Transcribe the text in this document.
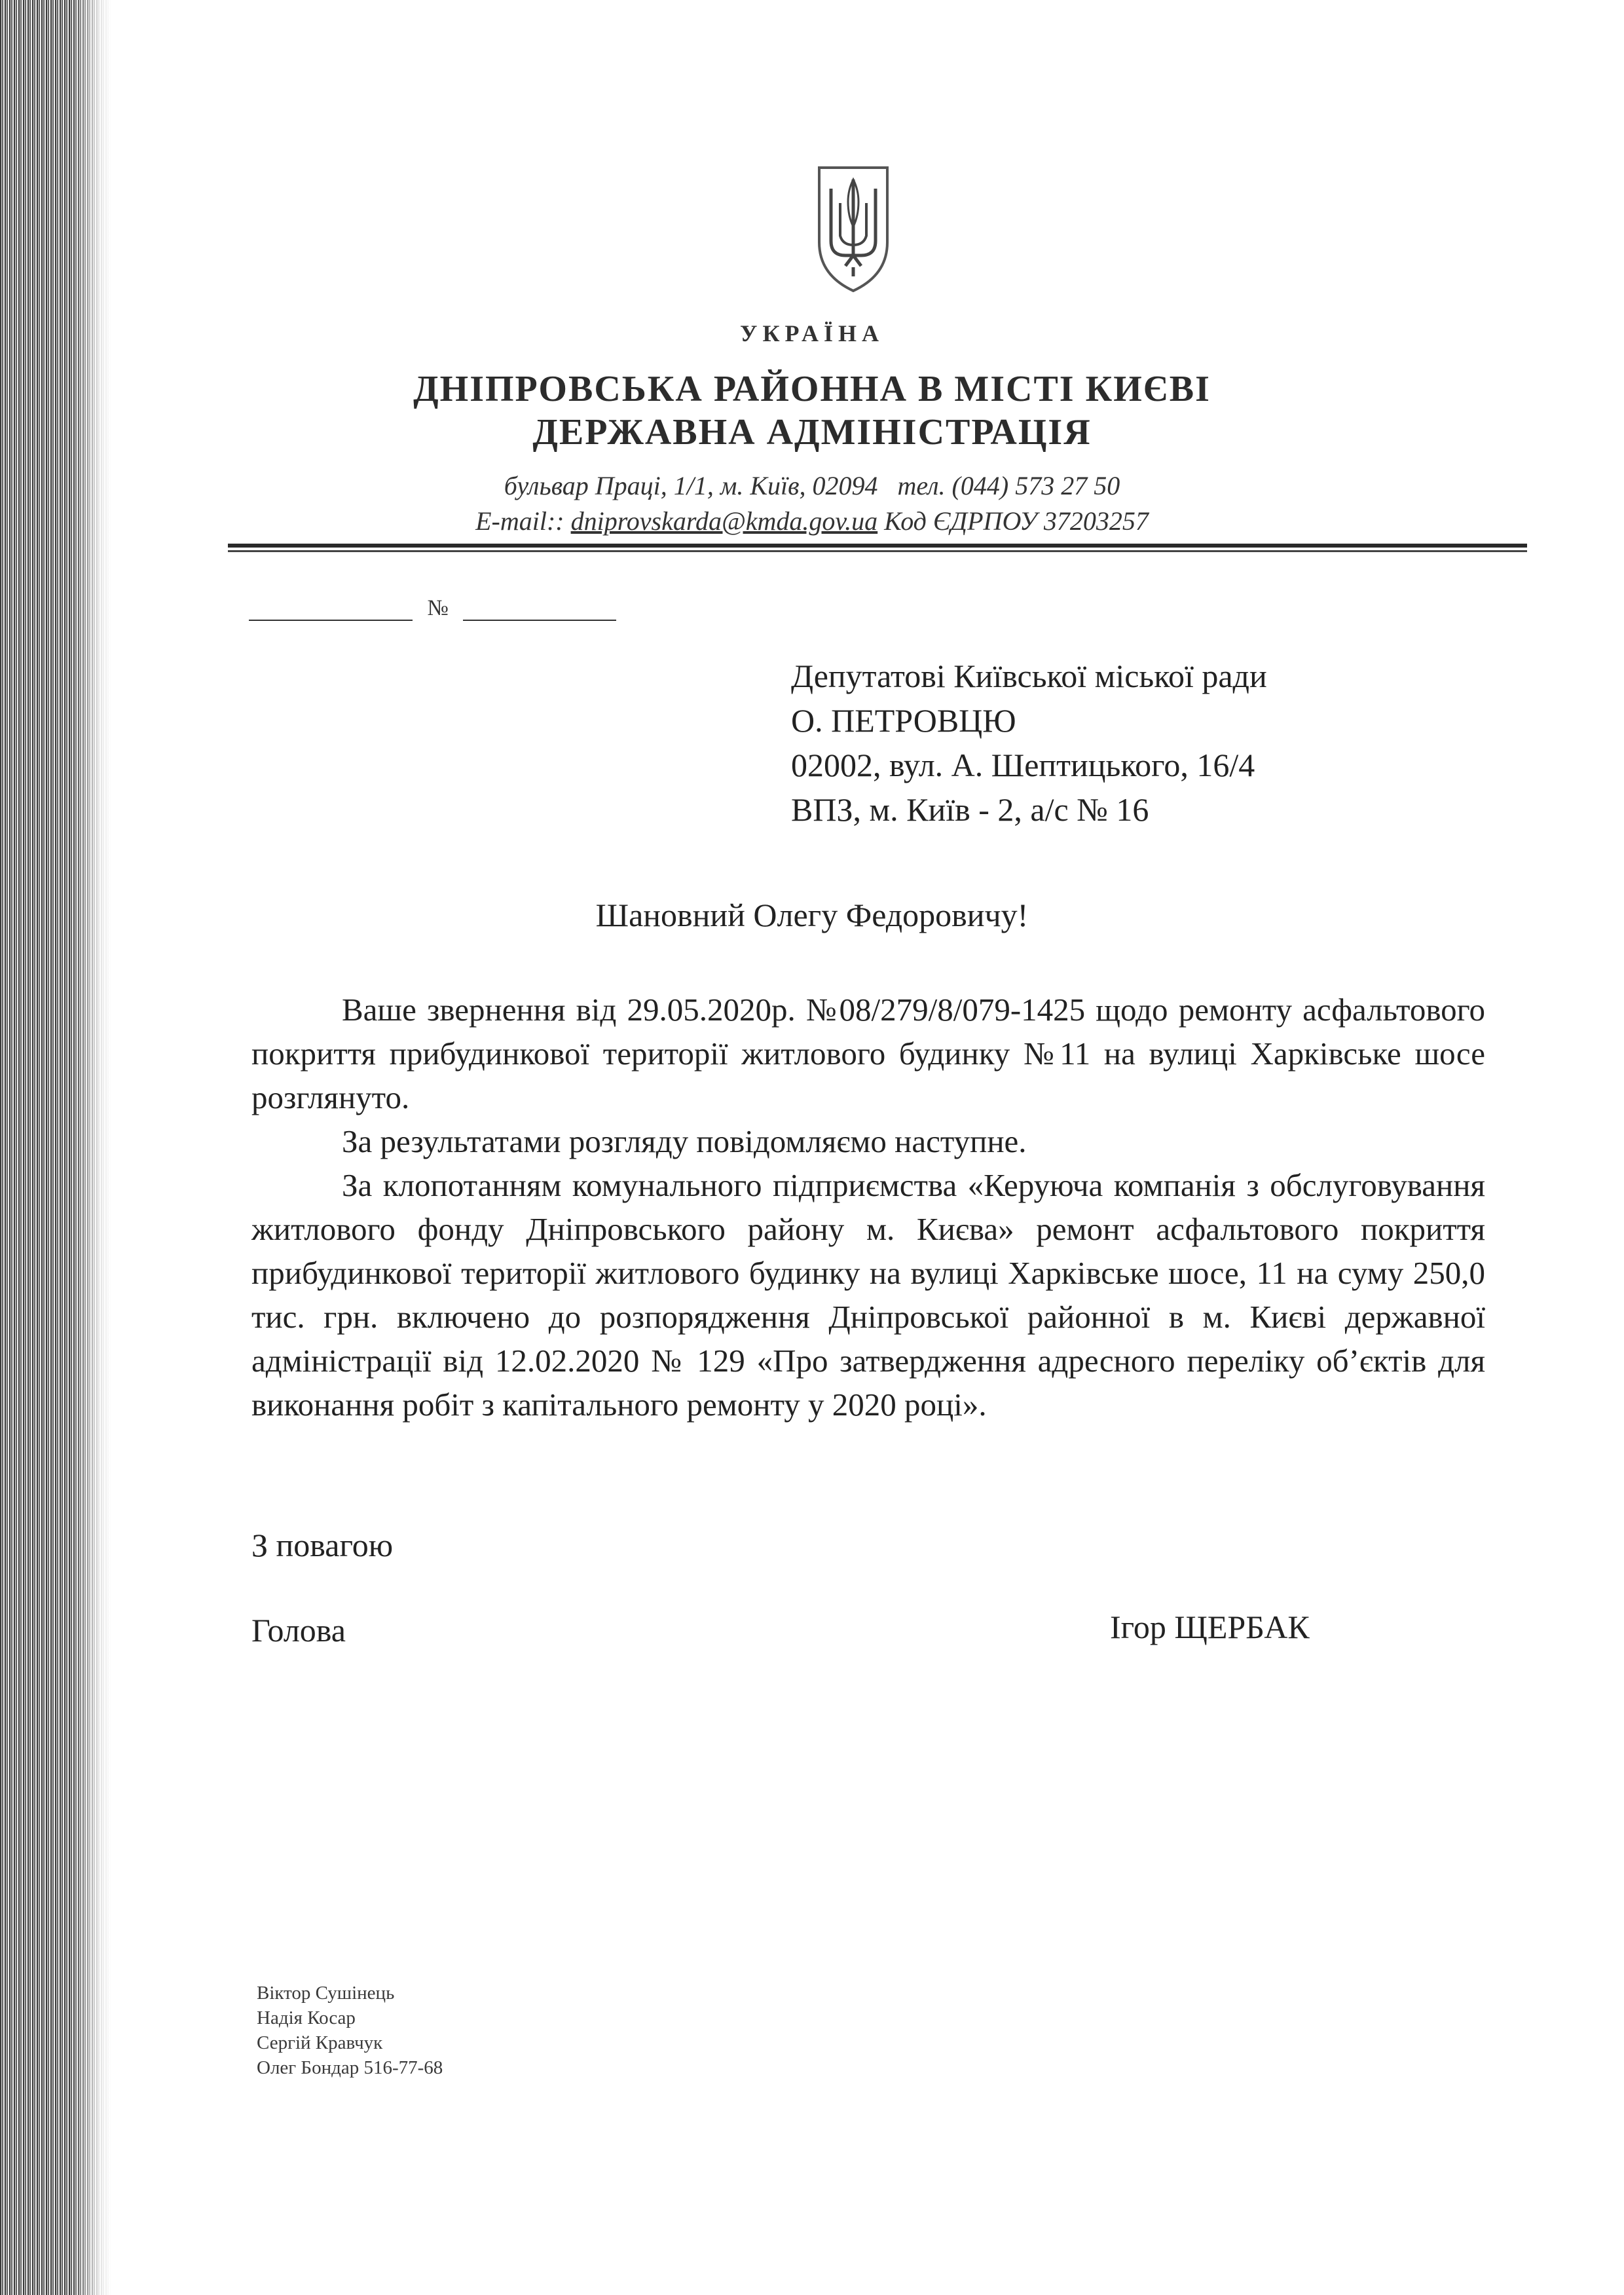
УКРАЇНА
ДНІПРОВСЬКА РАЙОННА В МІСТІ КИЄВІ
ДЕРЖАВНА АДМІНІСТРАЦІЯ
бульвар Праці, 1/1, м. Київ, 02094 тел. (044) 573 27 50
E-mail:: dniprovskarda@kmda.gov.ua Код ЄДРПОУ 37203257
№
Депутатові Київської міської ради
О. ПЕТРОВЦЮ
02002, вул. А. Шептицького, 16/4
ВПЗ, м. Київ - 2, а/с № 16
Шановний Олегу Федоровичу!

Ваше звернення від 29.05.2020р. №08/279/8/079-1425 щодо ремонту асфальтового покриття прибудинкової території житлового будинку №11 на вулиці Харківське шосе розглянуто.

За результатами розгляду повідомляємо наступне.

За клопотанням комунального підприємства «Керуюча компанія з обслуговування житлового фонду Дніпровського району м. Києва» ремонт асфальтового покриття прибудинкової території житлового будинку на вулиці Харківське шосе, 11 на суму 250,0 тис. грн. включено до розпорядження Дніпровської районної в м. Києві державної адміністрації від 12.02.2020 № 129 «Про затвердження адресного переліку об’єктів для виконання робіт з капітального ремонту у 2020 році».

З повагою
Голова	Ігор ЩЕРБАК
Віктор Сушінець
Надія Косар
Сергій Кравчук
Олег Бондар 516-77-68
